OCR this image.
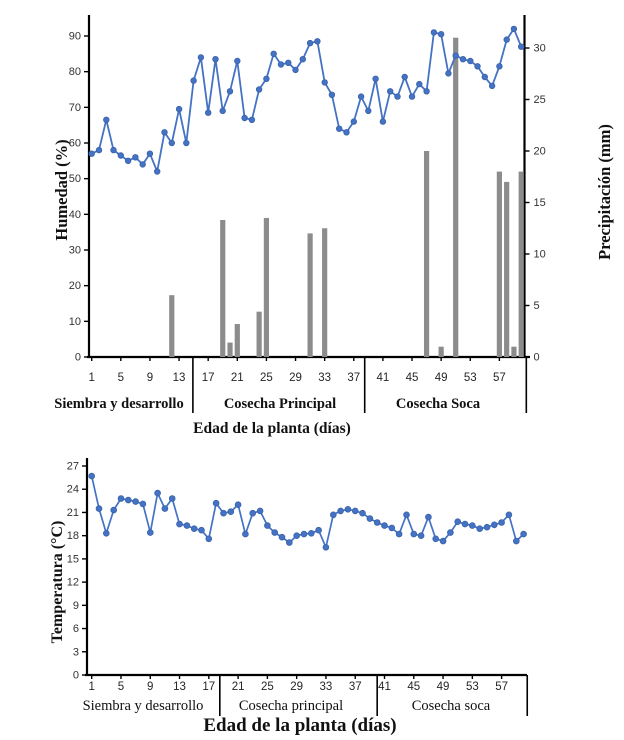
0
10
20
30
40
50
60
70
80
90
0
5
10
15
20
25
30
1 5 9 13 17 21 25 29 33 37 41 45 49 53 57
Humedad (%)	Precipitación (mm)
Siembra y desarrollo	Cosecha Principal	Cosecha Soca
Edad de la planta (días)
0
3
6
9
12
15
18
21
24
27
1 5 9 13 17 21 25 29 33 37 41 45 49 53 57
Temperatura (°C)
Siembra y desarrollo Cosecha principal	Cosecha soca
Edad de la planta (días)
